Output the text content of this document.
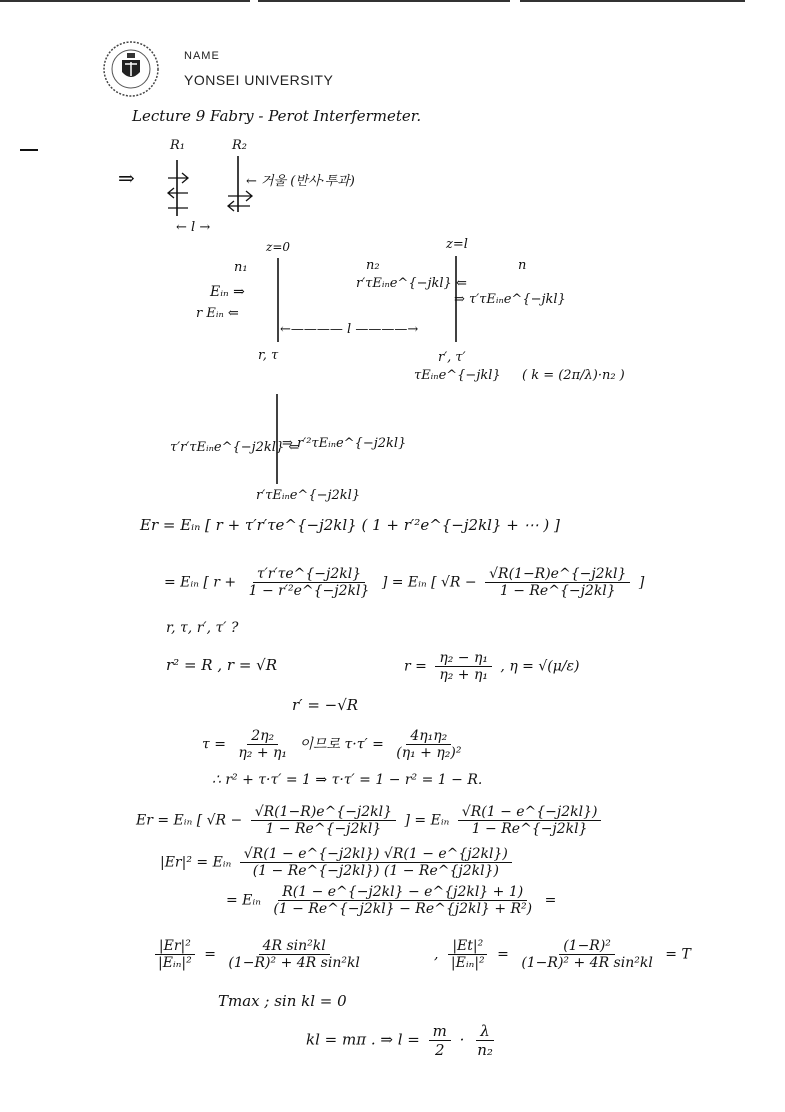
NAME
YONSEI UNIVERSITY
Lecture 9 Fabry - Perot Interfermeter.
⇒
R₁	R₂
← 거울 (반사·투과)
← l →
z=0	z=l
n₁	n₂	n
Eᵢₙ ⇒
r Eᵢₙ ⇐
r′τEᵢₙe^{−jkl} ⇐
⇒ τ′τEᵢₙe^{−jkl}
←———— l ————→
r, τ	r′, τ′
τEᵢₙe^{−jkl} ( k = (2π/λ)·n₂ )
τ′r′τEᵢₙe^{−j2kl} ⇐
⇒ r′²τEᵢₙe^{−j2kl}
r′τEᵢₙe^{−j2kl}
Er = Eᵢₙ [ r + τ′r′τe^{−j2kl} ( 1 + r′²e^{−j2kl} + ⋯ ) ]
= Eᵢₙ [ $r + \frac{\tau'r'\tau e\^{}\{-j2kl\}}{\text{1 − r′²e\textasciicircum{}\{−j2kl\}}}$ ] = Eᵢₙ [ $√R - \frac{√R(1-R)e\^{}\{-j2kl\}}{1 - Re\^{}\{-j2kl\}}$ ]
r, τ, r′, τ′ ?
r² = R , r = √R	$r = \frac{\text{η₂ − η₁}}{\text{η₂ + η₁}}$ , η = √(μ/ε)
r′ = −√R
$\tau = \frac{\text{2η₂}}{\text{η₂ + η₁}}$ 이므로 $\tau\cdot\tau' = \frac{\text{4η₁η₂}}{\text{(η₁ + η₂)²}}$
∴ r² + τ·τ′ = 1 ⇒ τ·τ′ = 1 − r² = 1 − R.
Er = Eᵢₙ [ $√R - \frac{√R(1-R)e\^{}\{-j2kl\}}{1 - Re\^{}\{-j2kl\}}$ ] = Eᵢₙ $\frac{√R(1 - e\^{}\{-j2kl\})}{1 - Re\^{}\{-j2kl\}}$
|Er|² = Eᵢₙ $\frac{√R(1 - e\^{}\{-j2kl\}) √R(1 - e\^{}\{j2kl\})}{(1 - Re\^{}\{-j2kl\}) (1 - Re\^{}\{j2kl\})}$
= Eᵢₙ $\frac{R(1 - e\^{}\{-j2kl\} - e\^{}\{j2kl\} + 1)}{\text{(1 − Re\textasciicircum{}\{−j2kl\} − Re\textasciicircum{}\{j2kl\} + R²)}}$ =
$\frac{\text{|Er|²}}{\text{|Eᵢₙ|²}} = \frac{\text{4R sin²kl}}{\text{(1−R)² + 4R sin²kl}}$	, $\frac{\text{|Et|²}}{\text{|Eᵢₙ|²}} = \frac{\text{(1−R)²}}{\text{(1−R)² + 4R sin²kl}} = T$
Tmax ; sin kl = 0
kl = mπ . ⇒ $l = \frac{m}{2} \cdot \frac{\lambda}{\text{n₂}}$
